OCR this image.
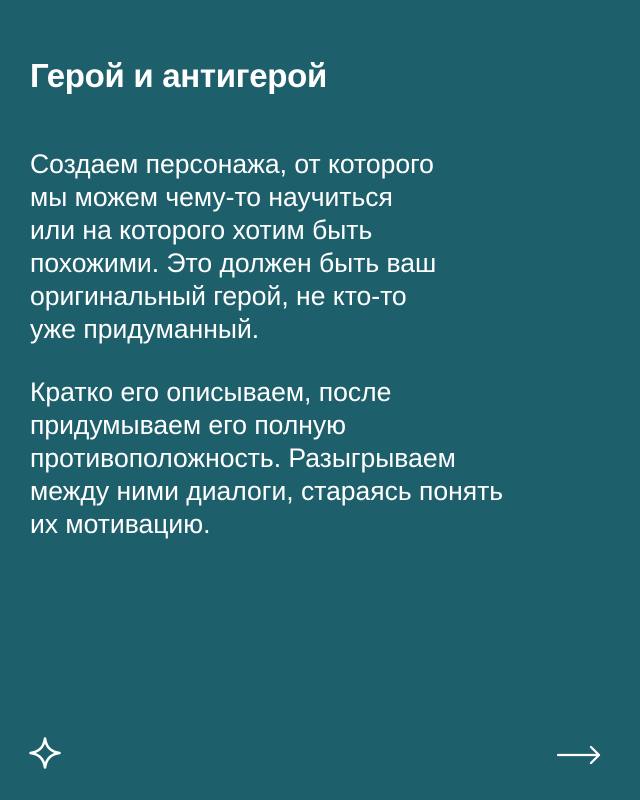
Герой и антигерой

Создаем персонажа, от которого
мы можем чему-то научиться
или на которого хотим быть
похожими. Это должен быть ваш
оригинальный герой, не кто-то
уже придуманный.

Кратко его описываем, после
придумываем его полную
противоположность. Разыгрываем
между ними диалоги, стараясь понять
их мотивацию.
